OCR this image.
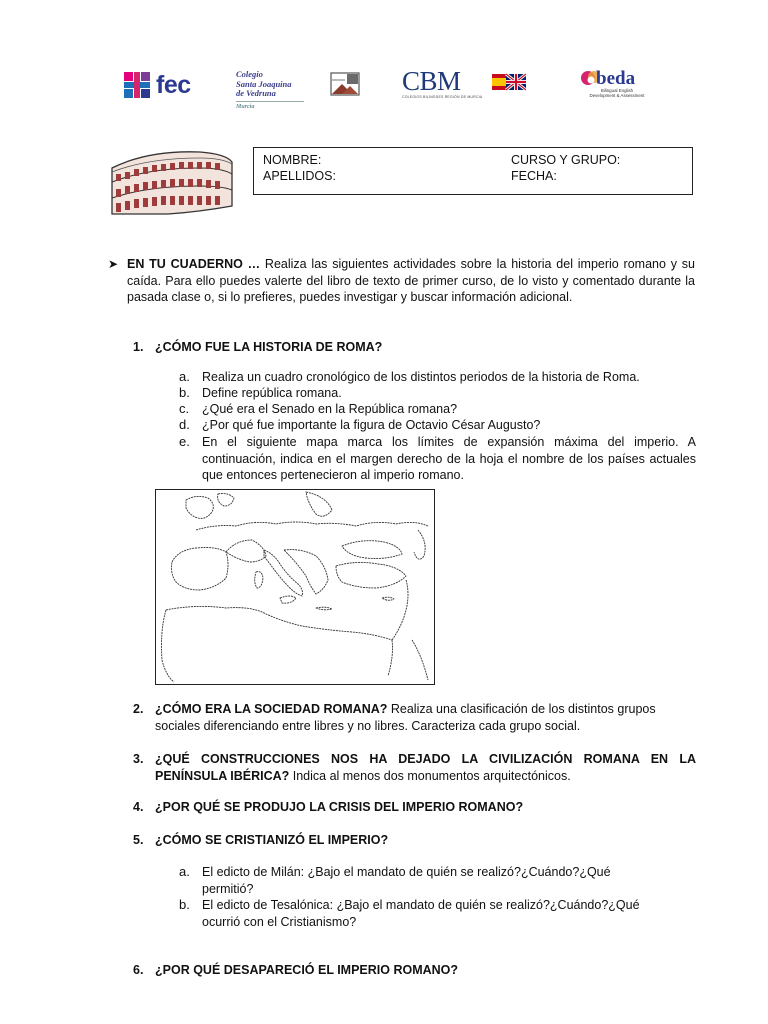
fec	Colegio
Santa Joaquina
de Vedruna
Murcia
CBM
COLEGIOS BILINGÜES REGIÓN DE MURCIA
beda
Bilingual English
Development & Assessment
NOMBRE:
APELLIDOS:
CURSO Y GRUPO:
FECHA:
➤ EN TU CUADERNO … Realiza las siguientes actividades sobre la historia del imperio romano y su caída. Para ello puedes valerte del libro de texto de primer curso, de lo visto y comentado durante la pasada clase o, si lo prefieres, puedes investigar y buscar información adicional.
1. ¿CÓMO FUE LA HISTORIA DE ROMA?
a. Realiza un cuadro cronológico de los distintos periodos de la historia de Roma.
b. Define república romana.
c. ¿Qué era el Senado en la República romana?
d. ¿Por qué fue importante la figura de Octavio César Augusto?
e. En el siguiente mapa marca los límites de expansión máxima del imperio. A continuación, indica en el margen derecho de la hoja el nombre de los países actuales que entonces pertenecieron al imperio romano.
2. ¿CÓMO ERA LA SOCIEDAD ROMANA? Realiza una clasificación de los distintos grupos sociales diferenciando entre libres y no libres. Caracteriza cada grupo social.
3. ¿QUÉ CONSTRUCCIONES NOS HA DEJADO LA CIVILIZACIÓN ROMANA EN LA PENÍNSULA IBÉRICA? Indica al menos dos monumentos arquitectónicos.
4. ¿POR QUÉ SE PRODUJO LA CRISIS DEL IMPERIO ROMANO?
5. ¿CÓMO SE CRISTIANIZÓ EL IMPERIO?
a. El edicto de Milán: ¿Bajo el mandato de quién se realizó?¿Cuándo?¿Qué permitió?
b. El edicto de Tesalónica: ¿Bajo el mandato de quién se realizó?¿Cuándo?¿Qué ocurrió con el Cristianismo?
6. ¿POR QUÉ DESAPARECIÓ EL IMPERIO ROMANO?
